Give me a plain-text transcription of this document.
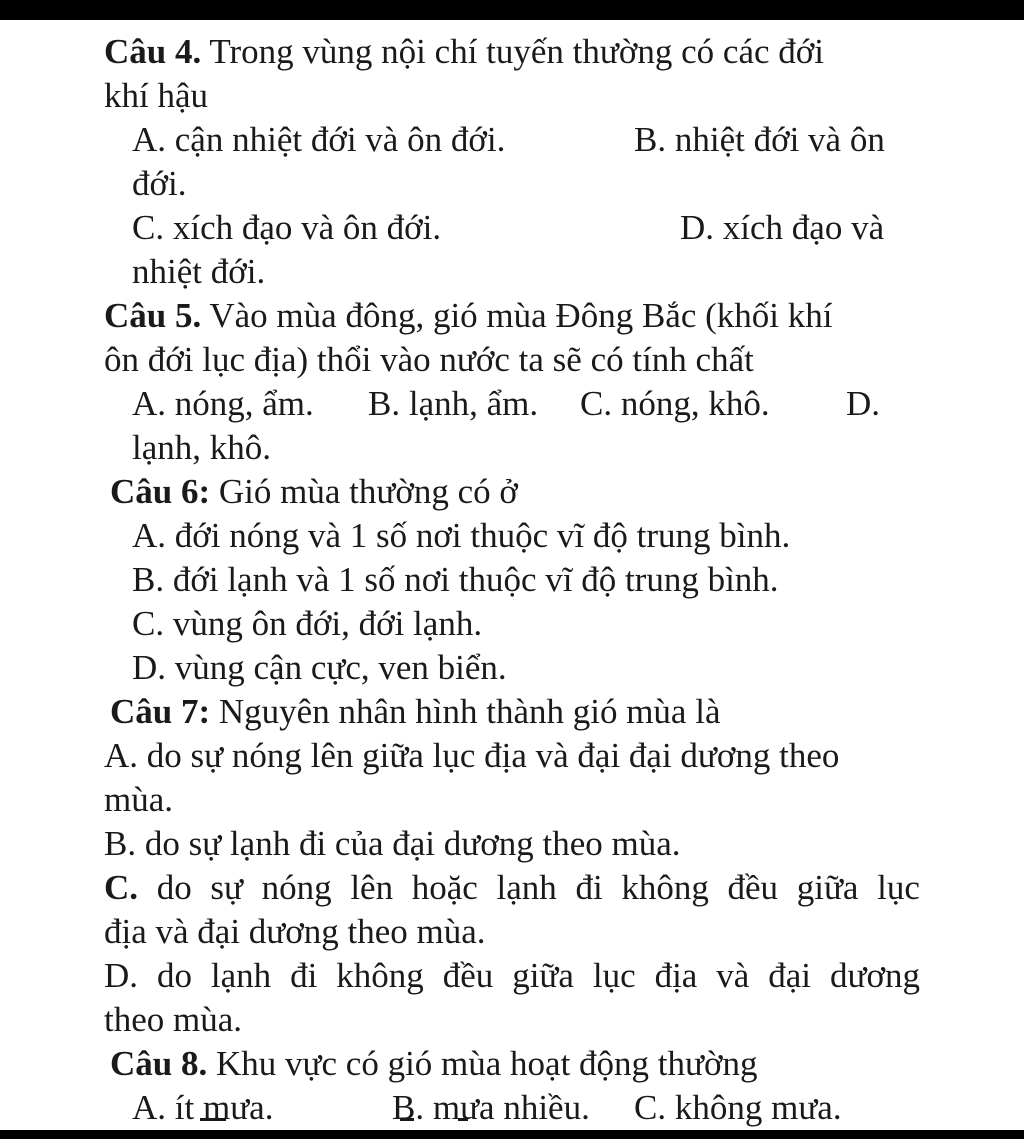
Câu 4. Trong vùng nội chí tuyến thường có các đới
khí hậu
A. cận nhiệt đới và ôn đới.	B. nhiệt đới và ôn
đới.
C. xích đạo và ôn đới.	D. xích đạo và
nhiệt đới.
Câu 5. Vào mùa đông, gió mùa Đông Bắc (khối khí
ôn đới lục địa) thổi vào nước ta sẽ có tính chất
A. nóng, ẩm. B. lạnh, ẩm. C. nóng, khô. D.
lạnh, khô.
Câu 6: Gió mùa thường có ở
A. đới nóng và 1 số nơi thuộc vĩ độ trung bình.
B. đới lạnh và 1 số nơi thuộc vĩ độ trung bình.
C. vùng ôn đới, đới lạnh.
D. vùng cận cực, ven biển.
Câu 7: Nguyên nhân hình thành gió mùa là
A. do sự nóng lên giữa lục địa và đại đại dương theo
mùa.
B. do sự lạnh đi của đại dương theo mùa.
C. do sự nóng lên hoặc lạnh đi không đều giữa lục
địa và đại dương theo mùa.
D. do lạnh đi không đều giữa lục địa và đại dương
theo mùa.
Câu 8. Khu vực có gió mùa hoạt động thường
A. ít mưa.	B. mưa nhiều. C. không mưa.
